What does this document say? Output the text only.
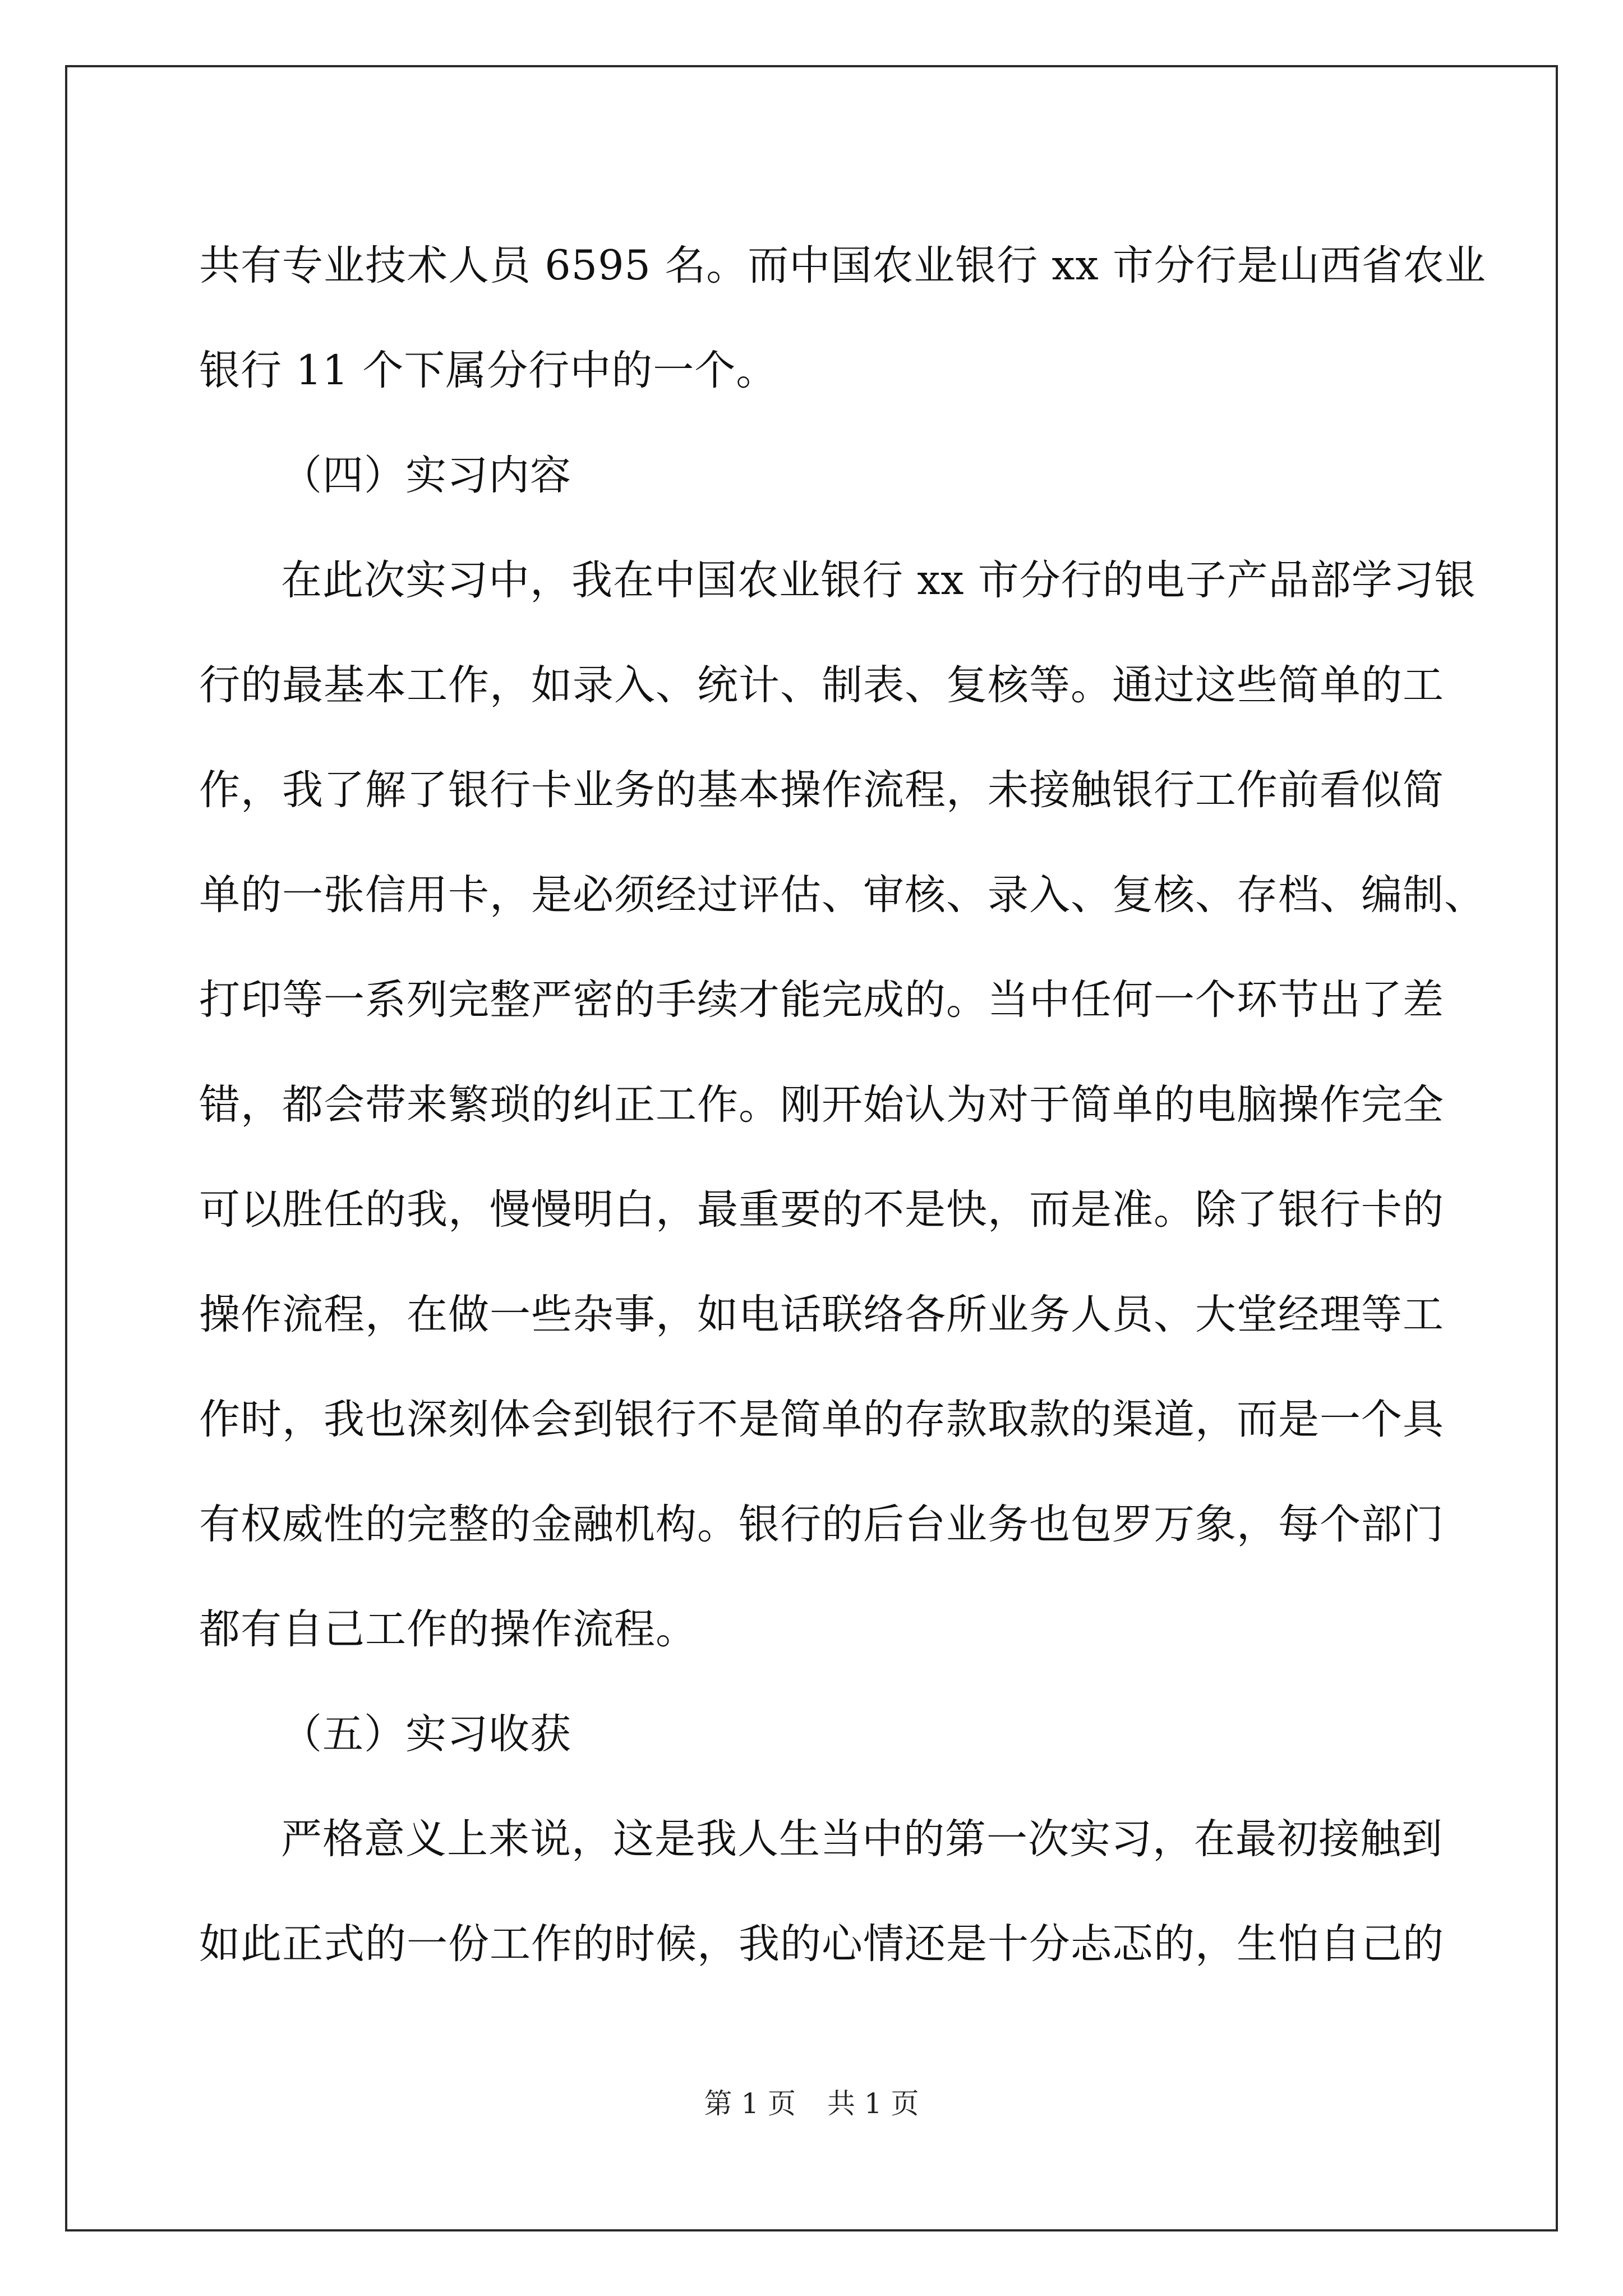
共有专业技术人员 6595 名。而中国农业银行 xx 市分行是山西省农业
银行 11 个下属分行中的一个。
（四）实习内容
在此次实习中，我在中国农业银行 xx 市分行的电子产品部学习银
行的最基本工作，如录入、统计、制表、复核等。通过这些简单的工
作，我了解了银行卡业务的基本操作流程，未接触银行工作前看似简
单的一张信用卡，是必须经过评估、审核、录入、复核、存档、编制、
打印等一系列完整严密的手续才能完成的。当中任何一个环节出了差
错，都会带来繁琐的纠正工作。刚开始认为对于简单的电脑操作完全
可以胜任的我，慢慢明白，最重要的不是快，而是准。除了银行卡的
操作流程，在做一些杂事，如电话联络各所业务人员、大堂经理等工
作时，我也深刻体会到银行不是简单的存款取款的渠道，而是一个具
有权威性的完整的金融机构。银行的后台业务也包罗万象，每个部门
都有自己工作的操作流程。
（五）实习收获
严格意义上来说，这是我人生当中的第一次实习，在最初接触到
如此正式的一份工作的时候，我的心情还是十分忐忑的，生怕自己的
第 1 页 共 1 页
